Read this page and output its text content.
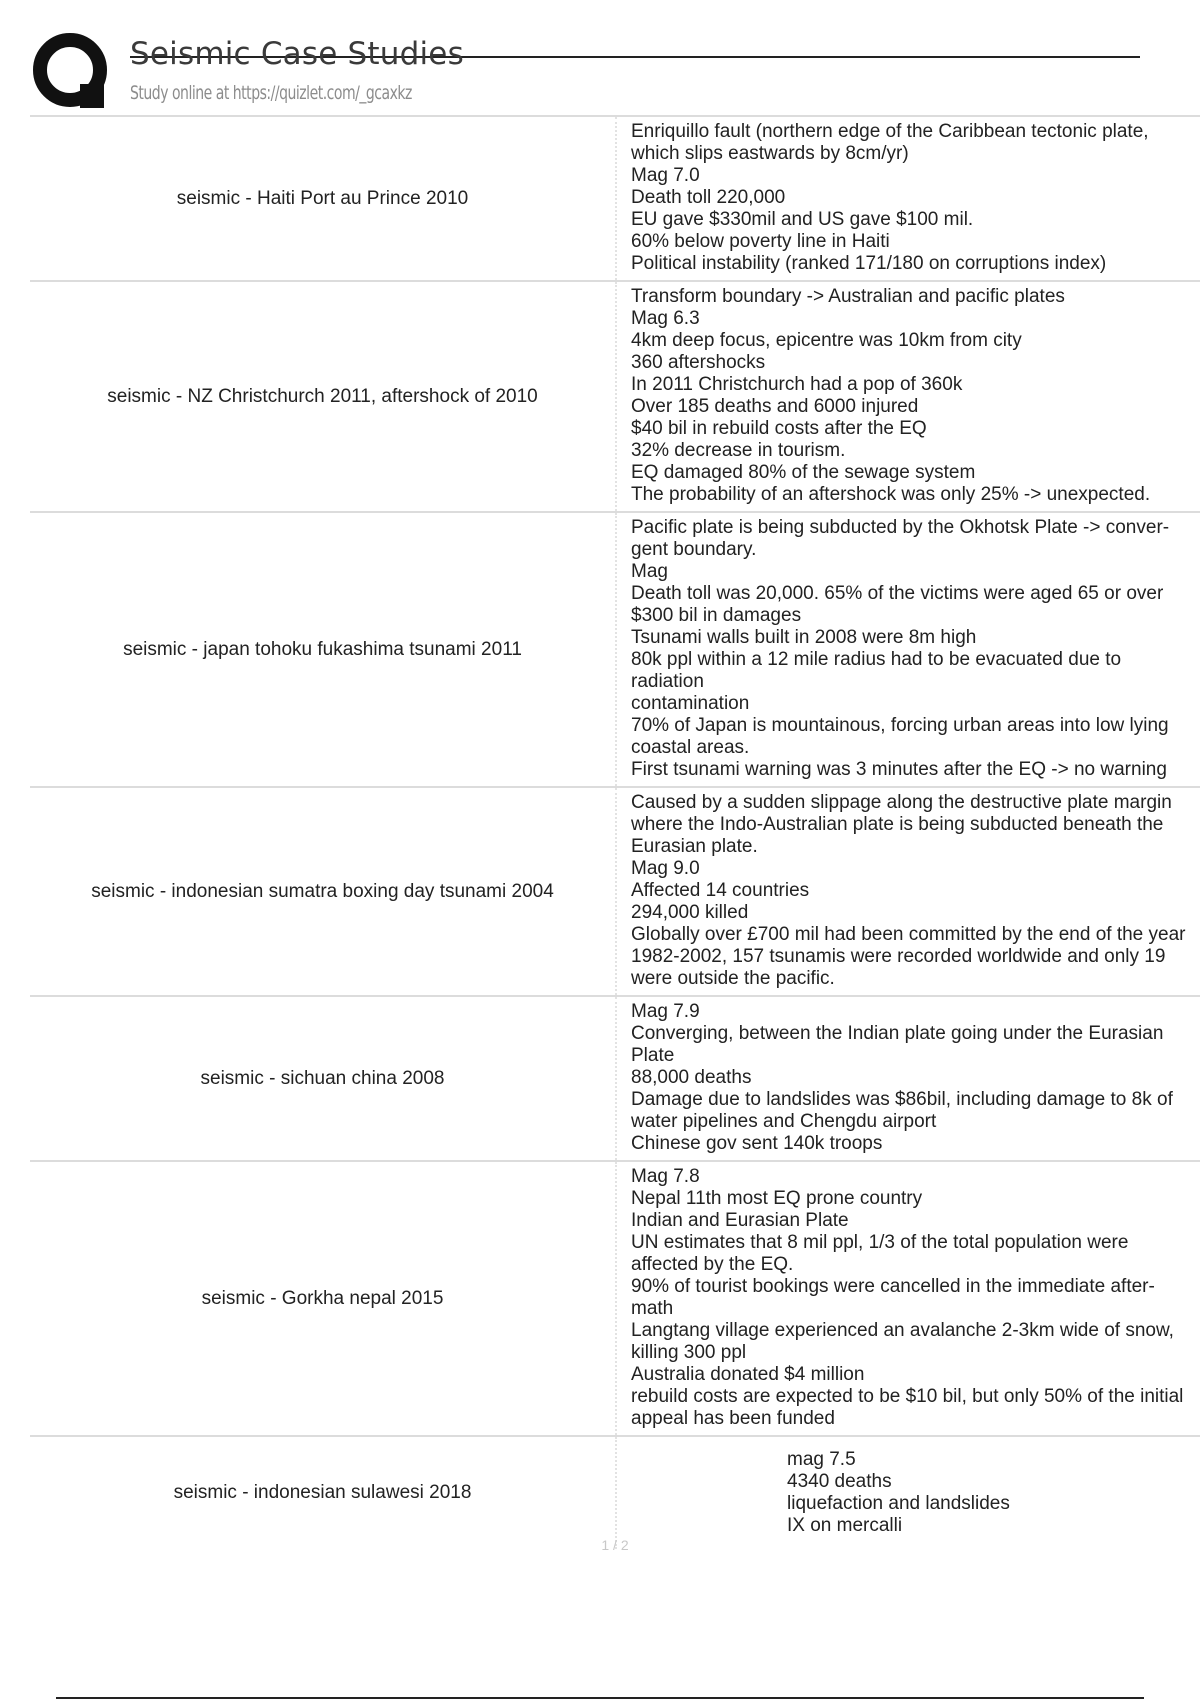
Seismic Case Studies
Study online at https://quizlet.com/_gcaxkz
seismic - Haiti Port au Prince 2010
Enriquillo fault (northern edge of the Caribbean tectonic plate,
which slips eastwards by 8cm/yr)
Mag 7.0
Death toll 220,000
EU gave $330mil and US gave $100 mil.
60% below poverty line in Haiti
Political instability (ranked 171/180 on corruptions index)
seismic - NZ Christchurch 2011, aftershock of 2010
Transform boundary -> Australian and pacific plates
Mag 6.3
4km deep focus, epicentre was 10km from city
360 aftershocks
In 2011 Christchurch had a pop of 360k
Over 185 deaths and 6000 injured
$40 bil in rebuild costs after the EQ
32% decrease in tourism.
EQ damaged 80% of the sewage system
The probability of an aftershock was only 25% -> unexpected.
seismic - japan tohoku fukashima tsunami 2011
Pacific plate is being subducted by the Okhotsk Plate -> conver-
gent boundary.
Mag
Death toll was 20,000. 65% of the victims were aged 65 or over
$300 bil in damages
Tsunami walls built in 2008 were 8m high
80k ppl within a 12 mile radius had to be evacuated due to radiation
contamination
70% of Japan is mountainous, forcing urban areas into low lying
coastal areas.
First tsunami warning was 3 minutes after the EQ -> no warning
seismic - indonesian sumatra boxing day tsunami 2004
Caused by a sudden slippage along the destructive plate margin
where the Indo-Australian plate is being subducted beneath the
Eurasian plate.
Mag 9.0
Affected 14 countries
294,000 killed
Globally over £700 mil had been committed by the end of the year
1982-2002, 157 tsunamis were recorded worldwide and only 19
were outside the pacific.
seismic - sichuan china 2008
Mag 7.9
Converging, between the Indian plate going under the Eurasian
Plate
88,000 deaths
Damage due to landslides was $86bil, including damage to 8k of
water pipelines and Chengdu airport
Chinese gov sent 140k troops
seismic - Gorkha nepal 2015
Mag 7.8
Nepal 11th most EQ prone country
Indian and Eurasian Plate
UN estimates that 8 mil ppl, 1/3 of the total population were
affected by the EQ.
90% of tourist bookings were cancelled in the immediate after-
math
Langtang village experienced an avalanche 2-3km wide of snow,
killing 300 ppl
Australia donated $4 million
rebuild costs are expected to be $10 bil, but only 50% of the initial
appeal has been funded
seismic - indonesian sulawesi 2018
mag 7.5
4340 deaths
liquefaction and landslides
IX on mercalli
1 / 2
